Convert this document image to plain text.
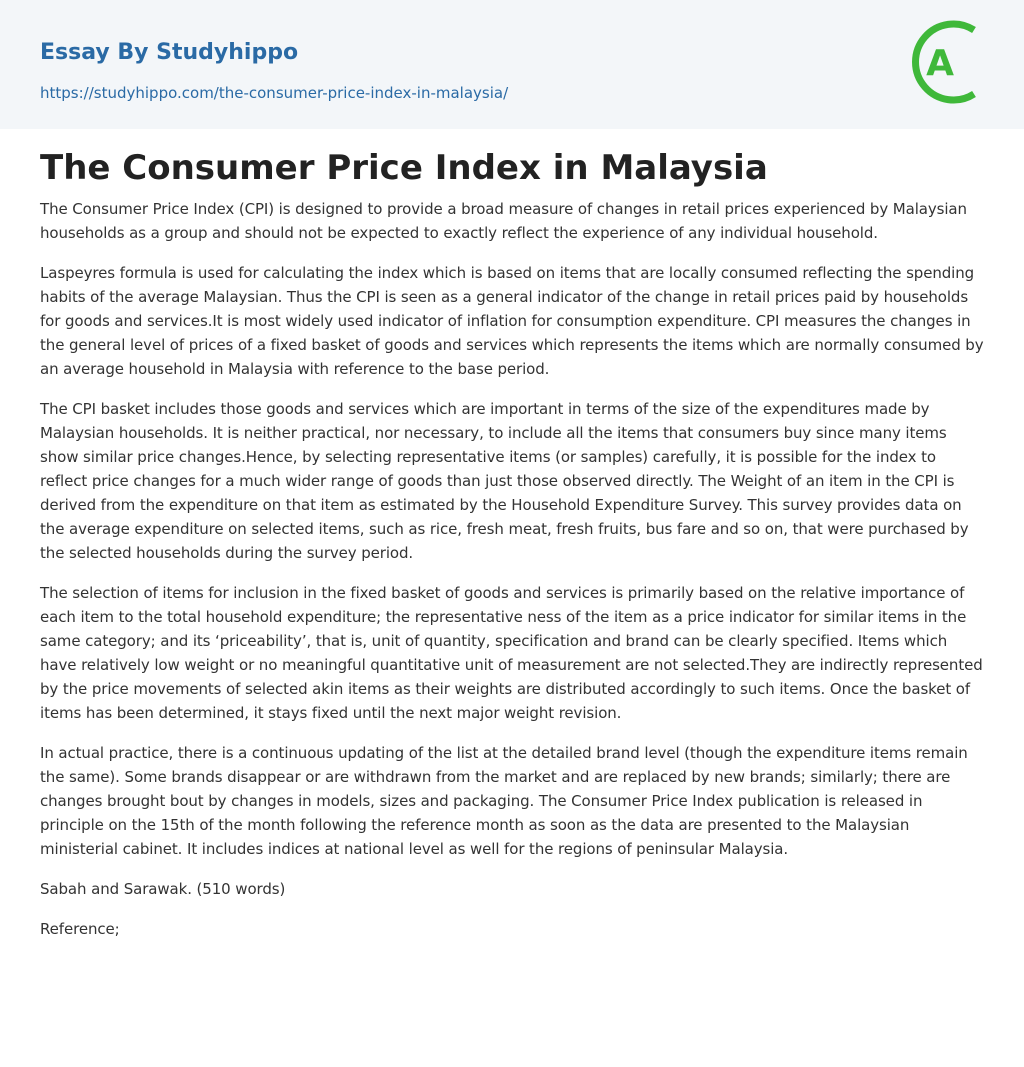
Essay By Studyhippo
https://studyhippo.com/the-consumer-price-index-in-malaysia/
A
The Consumer Price Index in Malaysia

The Consumer Price Index (CPI) is designed to provide a broad measure of changes in retail prices experienced by Malaysian households as a group and should not be expected to exactly reflect the experience of any individual household.

Laspeyres formula is used for calculating the index which is based on items that are locally consumed reflecting the spending habits of the average Malaysian. Thus the CPI is seen as a general indicator of the change in retail prices paid by households for goods and services.It is most widely used indicator of inflation for consumption expenditure. CPI measures the changes in the general level of prices of a fixed basket of goods and services which represents the items which are normally consumed by an average household in Malaysia with reference to the base period.

The CPI basket includes those goods and services which are important in terms of the size of the expenditures made by Malaysian households. It is neither practical, nor necessary, to include all the items that consumers buy since many items show similar price changes.Hence, by selecting representative items (or samples) carefully, it is possible for the index to reflect price changes for a much wider range of goods than just those observed directly. The Weight of an item in the CPI is derived from the expenditure on that item as estimated by the Household Expenditure Survey. This survey provides data on the average expenditure on selected items, such as rice, fresh meat, fresh fruits, bus fare and so on, that were purchased by the selected households during the survey period.

The selection of items for inclusion in the fixed basket of goods and services is primarily based on the relative importance of each item to the total household expenditure; the representative ness of the item as a price indicator for similar items in the same category; and its ‘priceability’, that is, unit of quantity, specification and brand can be clearly specified. Items which have relatively low weight or no meaningful quantitative unit of measurement are not selected.They are indirectly represented by the price movements of selected akin items as their weights are distributed accordingly to such items. Once the basket of items has been determined, it stays fixed until the next major weight revision.

In actual practice, there is a continuous updating of the list at the detailed brand level (though the expenditure items remain the same). Some brands disappear or are withdrawn from the market and are replaced by new brands; similarly; there are changes brought bout by changes in models, sizes and packaging. The Consumer Price Index publication is released in principle on the 15th of the month following the reference month as soon as the data are presented to the Malaysian ministerial cabinet. It includes indices at national level as well for the regions of peninsular Malaysia.

Sabah and Sarawak. (510 words)

Reference;
